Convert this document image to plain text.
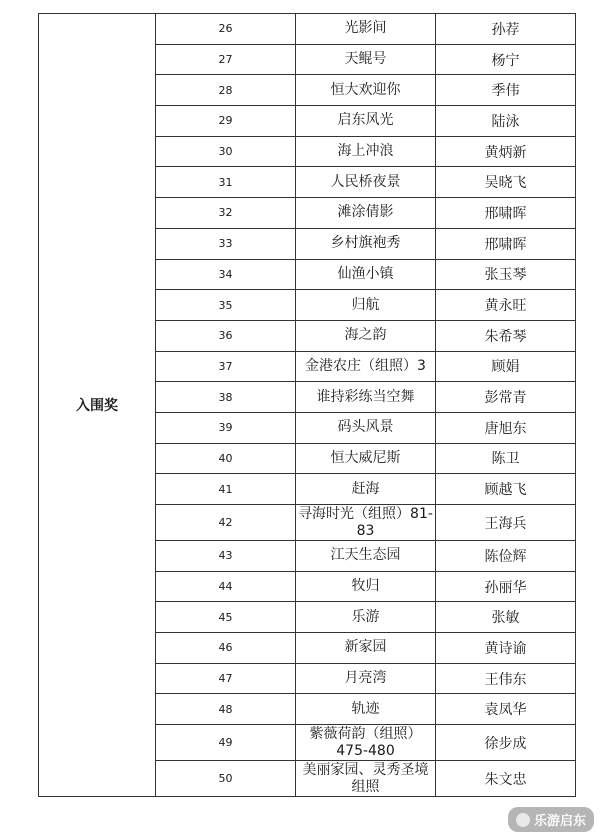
入围奖	26	光影间	孙荐
	27	天鲲号	杨宁
	28	恒大欢迎你	季伟
	29	启东风光	陆泳
	30	海上冲浪	黄炳新
	31	人民桥夜景	吴晓飞
	32	滩涂倩影	邢啸晖
	33	乡村旗袍秀	邢啸晖
	34	仙渔小镇	张玉琴
	35	归航	黄永旺
	36	海之韵	朱希琴
	37	金港农庄（组照）3	顾娟
	38	谁持彩练当空舞	彭常青
	39	码头风景	唐旭东
	40	恒大威尼斯	陈卫
	41	赶海	顾越飞
	42	寻海时光（组照）81-83	王海兵
	43	江天生态园	陈俭辉
	44	牧归	孙丽华
	45	乐游	张敏
	46	新家园	黄诗谕
	47	月亮湾	王伟东
	48	轨迹	袁凤华
	49	紫薇荷韵（组照）475-480	徐步成
	50	美丽家园、灵秀圣境组照	朱文忠
乐游启东
